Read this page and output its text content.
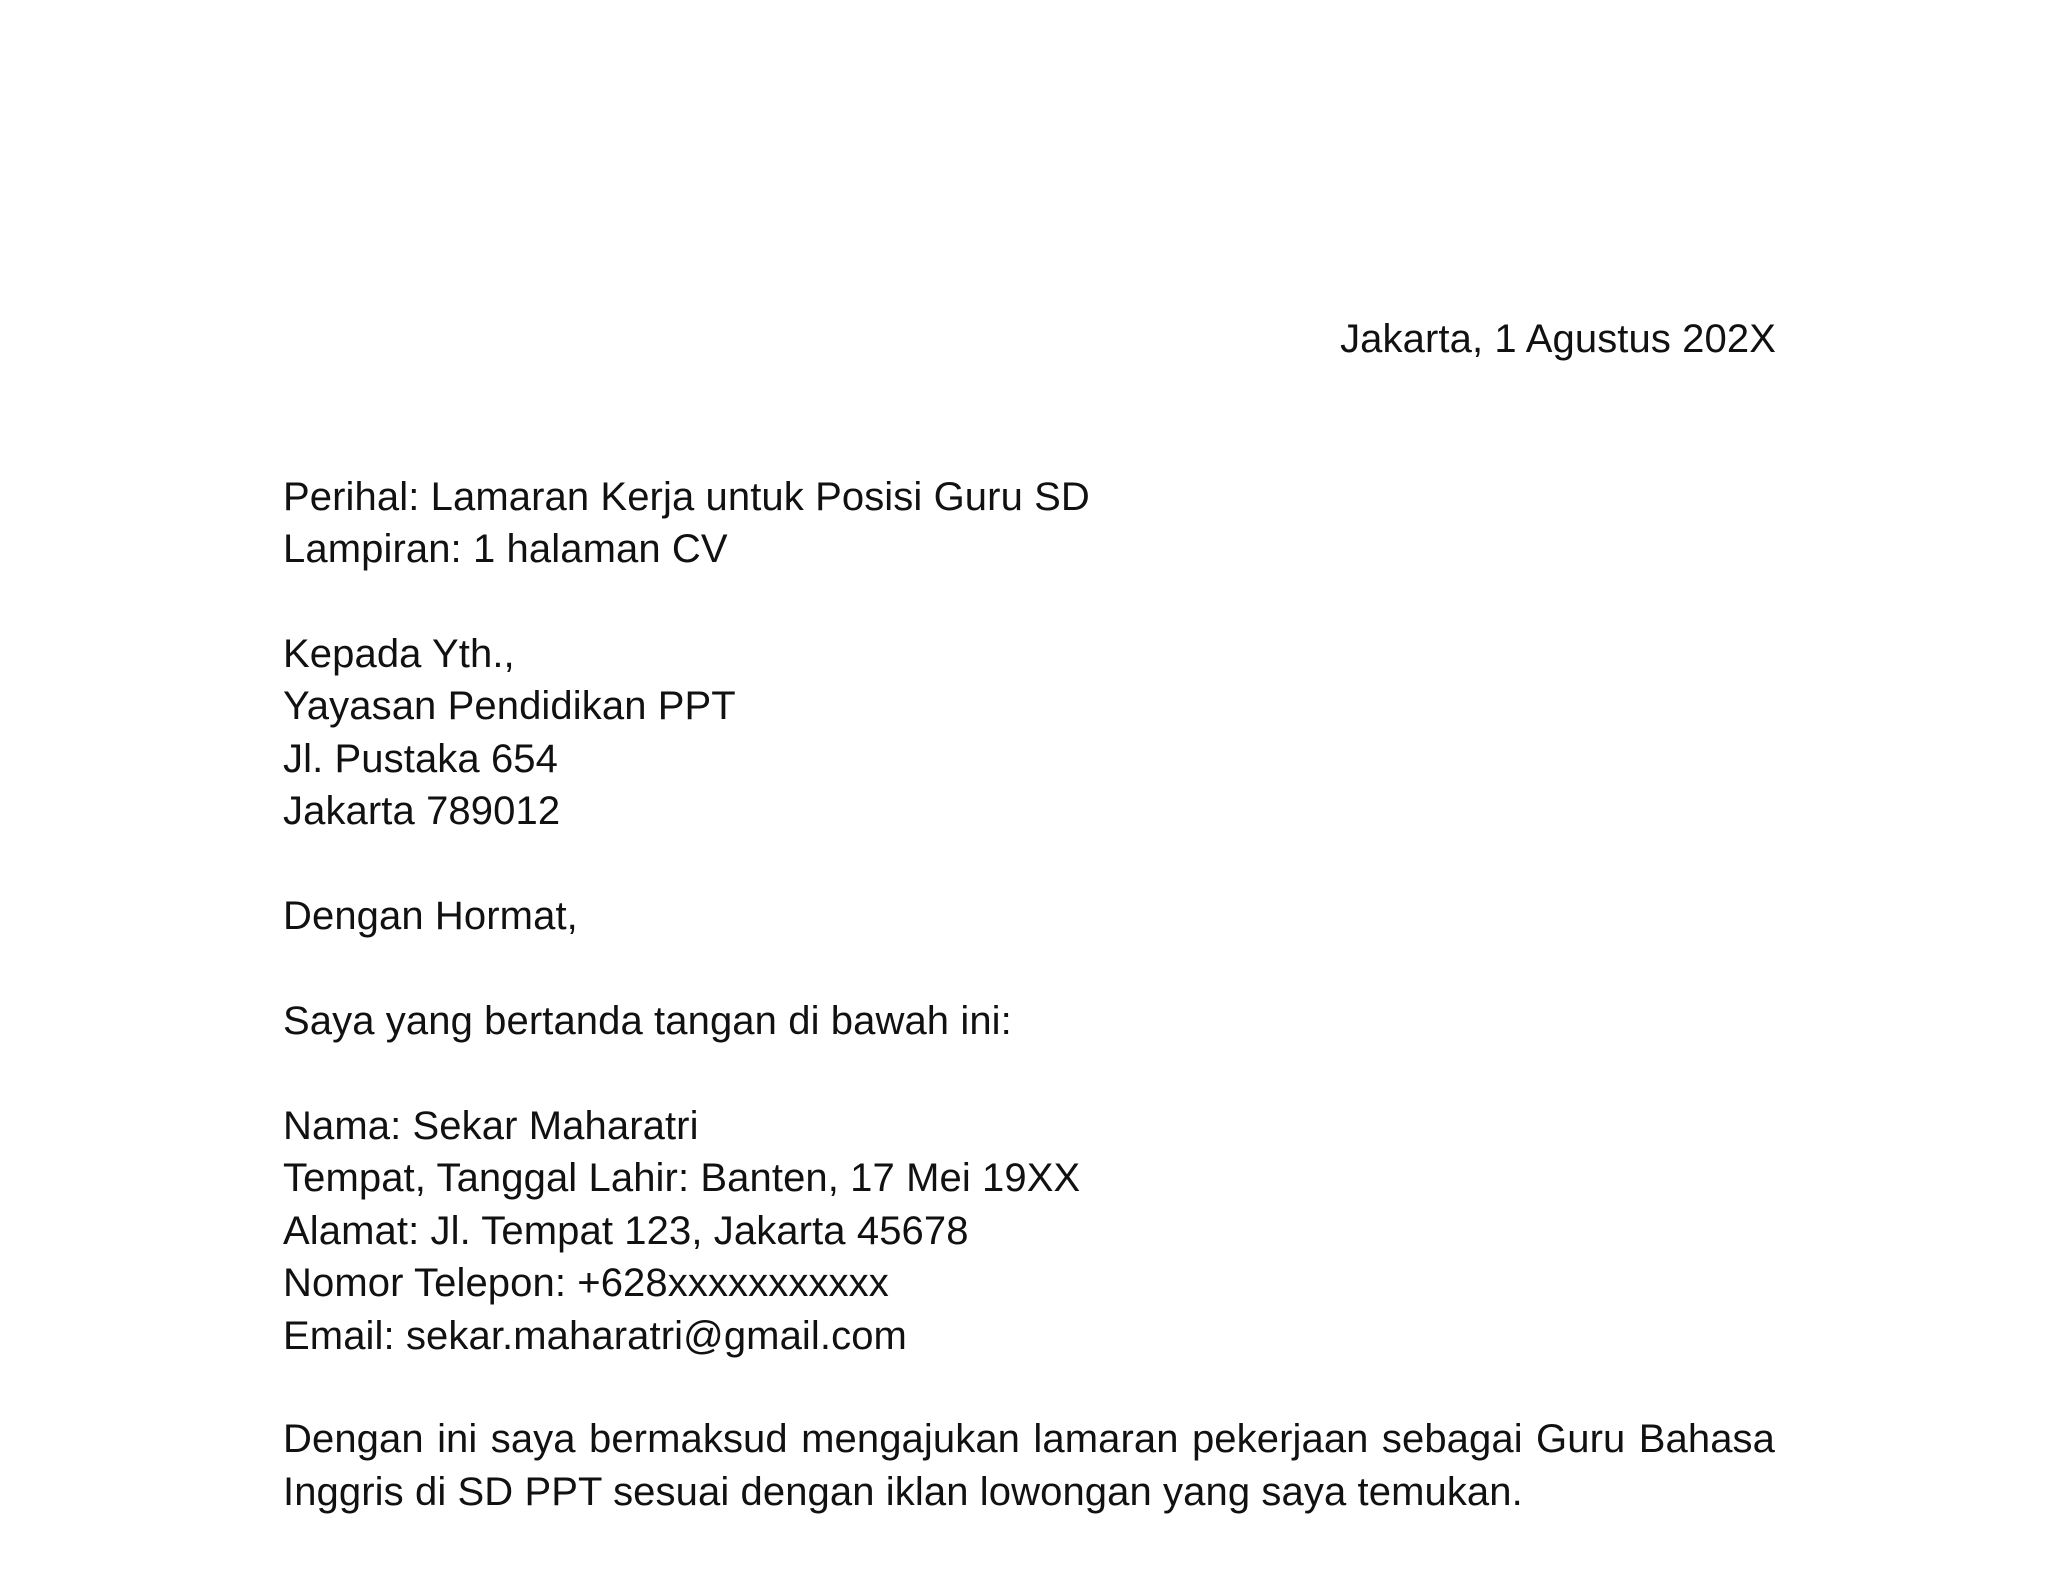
Jakarta, 1 Agustus 202X
Perihal: Lamaran Kerja untuk Posisi Guru SD
Lampiran: 1 halaman CV
Kepada Yth.,
Yayasan Pendidikan PPT
Jl. Pustaka 654
Jakarta 789012
Dengan Hormat,
Saya yang bertanda tangan di bawah ini:
Nama: Sekar Maharatri
Tempat, Tanggal Lahir: Banten, 17 Mei 19XX
Alamat: Jl. Tempat 123, Jakarta 45678
Nomor Telepon: +628xxxxxxxxxxx
Email: sekar.maharatri@gmail.com
Dengan ini saya bermaksud mengajukan lamaran pekerjaan sebagai Guru Bahasa Inggris di SD PPT sesuai dengan iklan lowongan yang saya temukan.
